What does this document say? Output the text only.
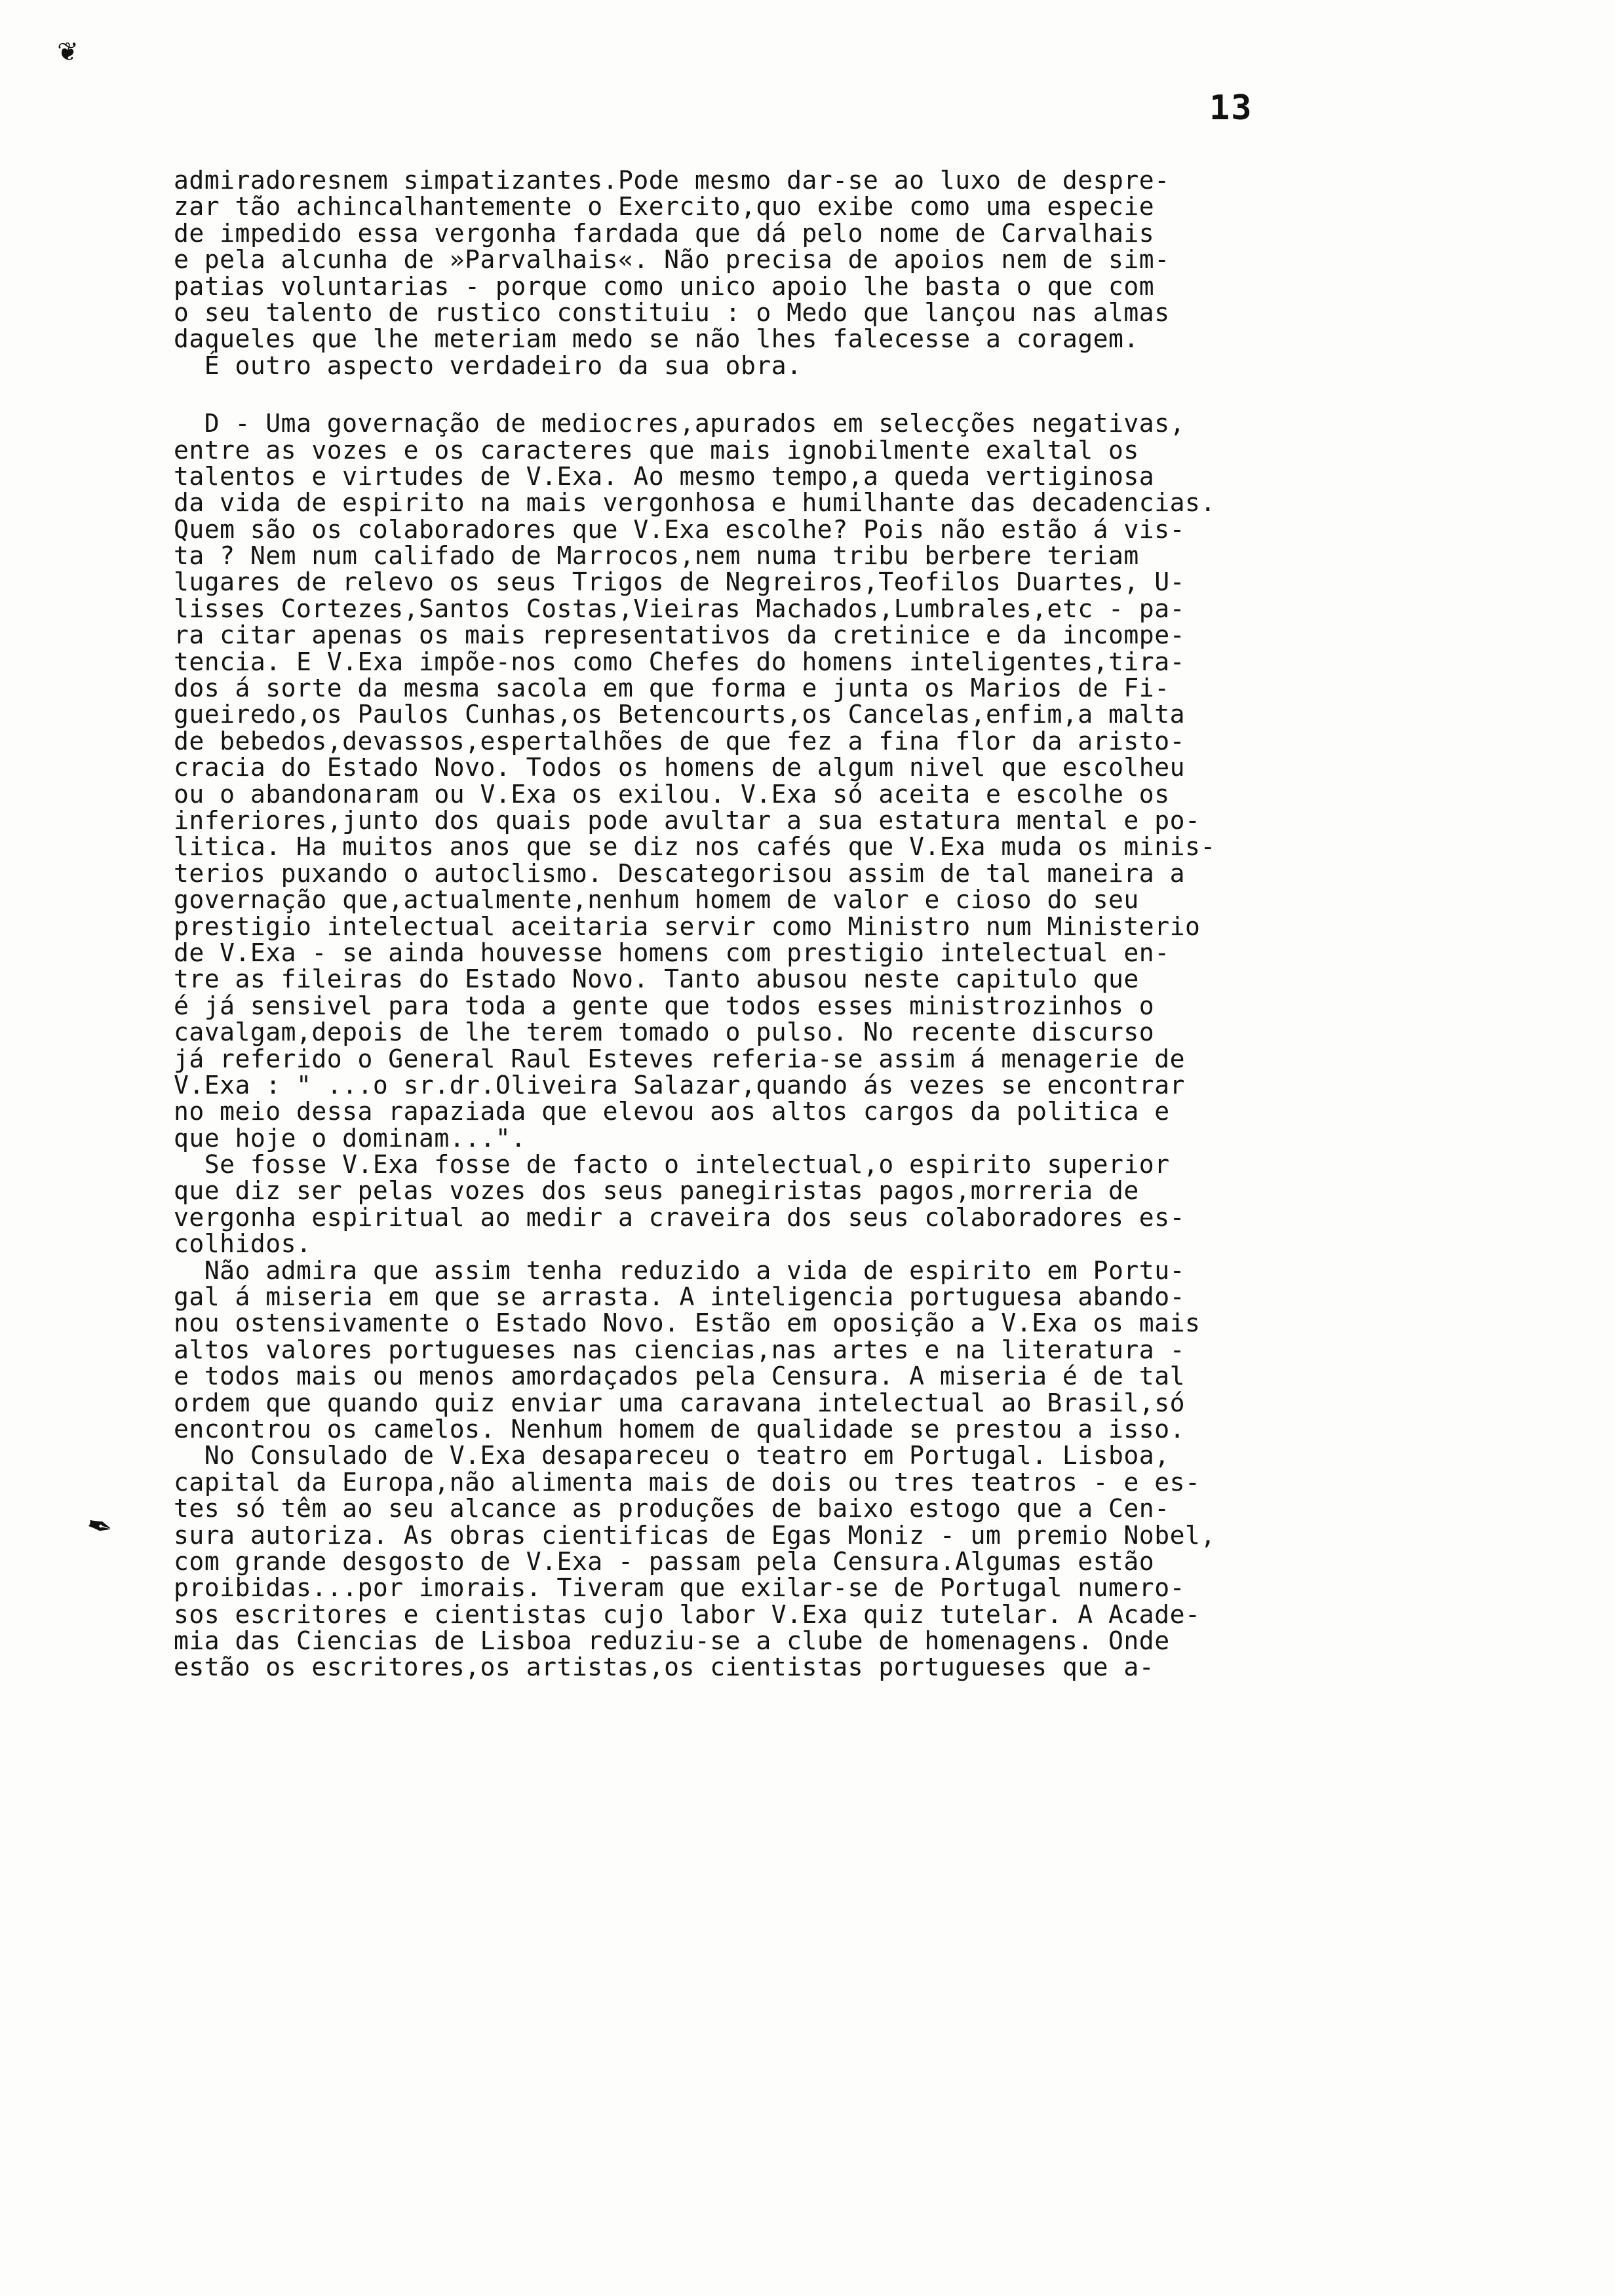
❦
✒
13
admiradoresnem simpatizantes.Pode mesmo dar-se ao luxo de despre-
zar tão achincalhantemente o Exercito,quo exibe como uma especie
de impedido essa vergonha fardada que dá pelo nome de Carvalhais
e pela alcunha de »Parvalhais«. Não precisa de apoios nem de sim-
patias voluntarias - porque como unico apoio lhe basta o que com
o seu talento de rustico constituiu : o Medo que lançou nas almas
daqueles que lhe meteriam medo se não lhes falecesse a coragem.
É outro aspecto verdadeiro da sua obra.
D - Uma governação de mediocres,apurados em selecções negativas,
entre as vozes e os caracteres que mais ignobilmente exaltal os
talentos e virtudes de V.Exa. Ao mesmo tempo,a queda vertiginosa
da vida de espirito na mais vergonhosa e humilhante das decadencias.
Quem são os colaboradores que V.Exa escolhe? Pois não estão á vis-
ta ? Nem num califado de Marrocos,nem numa tribu berbere teriam
lugares de relevo os seus Trigos de Negreiros,Teofilos Duartes, U-
lisses Cortezes,Santos Costas,Vieiras Machados,Lumbrales,etc - pa-
ra citar apenas os mais representativos da cretinice e da incompe-
tencia. E V.Exa impõe-nos como Chefes do homens inteligentes,tira-
dos á sorte da mesma sacola em que forma e junta os Marios de Fi-
gueiredo,os Paulos Cunhas,os Betencourts,os Cancelas,enfim,a malta
de bebedos,devassos,espertalhões de que fez a fina flor da aristo-
cracia do Estado Novo. Todos os homens de algum nivel que escolheu
ou o abandonaram ou V.Exa os exilou. V.Exa só aceita e escolhe os
inferiores,junto dos quais pode avultar a sua estatura mental e po-
litica. Ha muitos anos que se diz nos cafés que V.Exa muda os minis-
terios puxando o autoclismo. Descategorisou assim de tal maneira a
governação que,actualmente,nenhum homem de valor e cioso do seu
prestigio intelectual aceitaria servir como Ministro num Ministerio
de V.Exa - se ainda houvesse homens com prestigio intelectual en-
tre as fileiras do Estado Novo. Tanto abusou neste capitulo que
é já sensivel para toda a gente que todos esses ministrozinhos o
cavalgam,depois de lhe terem tomado o pulso. No recente discurso
já referido o General Raul Esteves referia-se assim á menagerie de
V.Exa : " ...o sr.dr.Oliveira Salazar,quando ás vezes se encontrar
no meio dessa rapaziada que elevou aos altos cargos da politica e
que hoje o dominam...".
Se fosse V.Exa fosse de facto o intelectual,o espirito superior
que diz ser pelas vozes dos seus panegiristas pagos,morreria de
vergonha espiritual ao medir a craveira dos seus colaboradores es-
colhidos.
Não admira que assim tenha reduzido a vida de espirito em Portu-
gal á miseria em que se arrasta. A inteligencia portuguesa abando-
nou ostensivamente o Estado Novo. Estão em oposição a V.Exa os mais
altos valores portugueses nas ciencias,nas artes e na literatura -
e todos mais ou menos amordaçados pela Censura. A miseria é de tal
ordem que quando quiz enviar uma caravana intelectual ao Brasil,só
encontrou os camelos. Nenhum homem de qualidade se prestou a isso.
No Consulado de V.Exa desapareceu o teatro em Portugal. Lisboa,
capital da Europa,não alimenta mais de dois ou tres teatros - e es-
tes só têm ao seu alcance as produções de baixo estogo que a Cen-
sura autoriza. As obras cientificas de Egas Moniz - um premio Nobel,
com grande desgosto de V.Exa - passam pela Censura.Algumas estão
proibidas...por imorais. Tiveram que exilar-se de Portugal numero-
sos escritores e cientistas cujo labor V.Exa quiz tutelar. A Acade-
mia das Ciencias de Lisboa reduziu-se a clube de homenagens. Onde
estão os escritores,os artistas,os cientistas portugueses que a-
